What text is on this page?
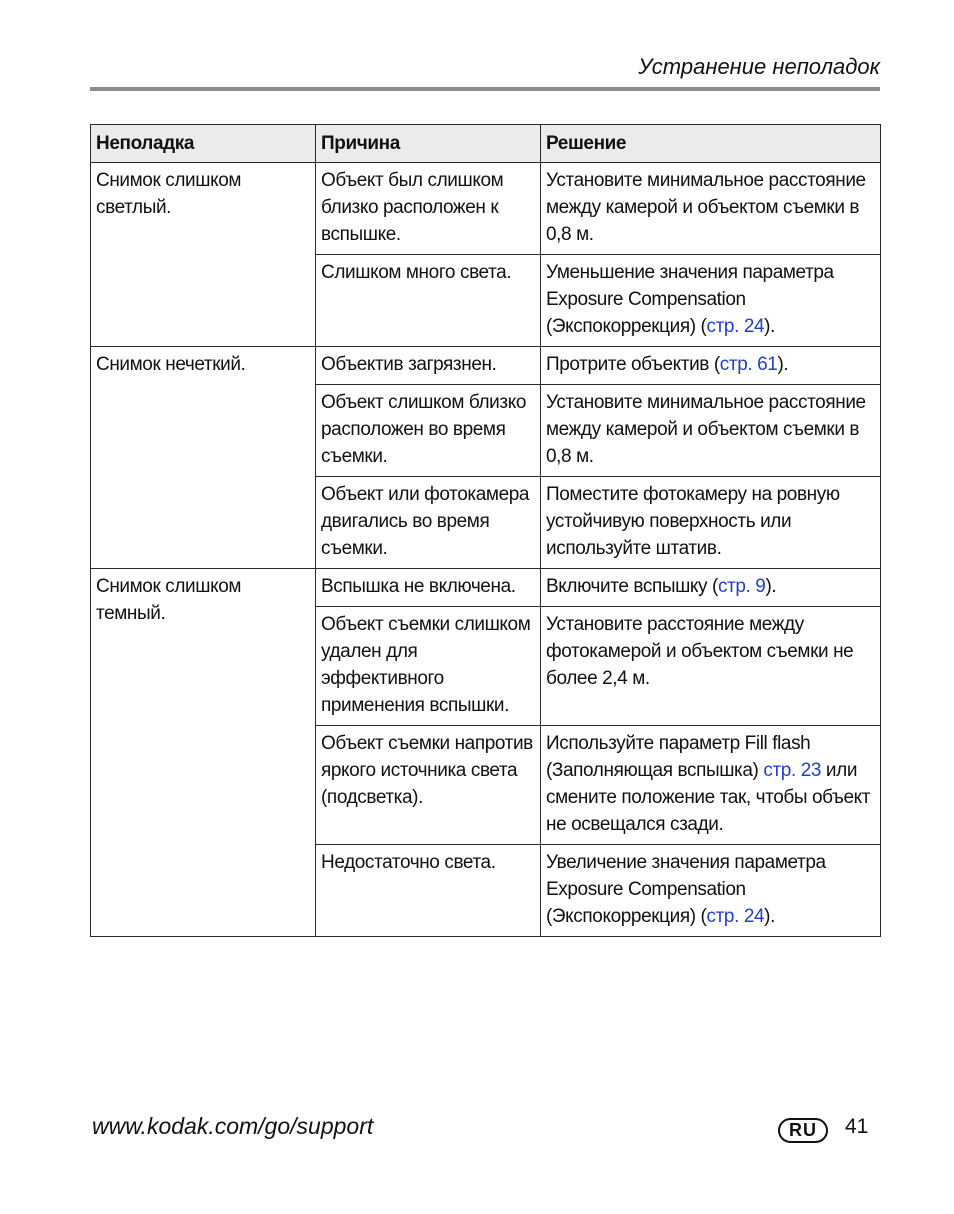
Устранение неполадок
Неполадка	Причина	Решение
Снимок слишком светлый.	Объект был слишком близко расположен к вспышке.	Установите минимальное расстояние между камерой и объектом съемки в 0,8 м.
	Слишком много света.	Уменьшение значения параметра Exposure Compensation (Экспокоррекция) (стр. 24).
Снимок нечеткий.	Объектив загрязнен.	Протрите объектив (стр. 61).
	Объект слишком близко расположен во время съемки.	Установите минимальное расстояние между камерой и объектом съемки в 0,8 м.
	Объект или фотокамера двигались во время съемки.	Поместите фотокамеру на ровную устойчивую поверхность или используйте штатив.
Снимок слишком темный.	Вспышка не включена.	Включите вспышку (стр. 9).
	Объект съемки слишком удален для эффективного применения вспышки.	Установите расстояние между фотокамерой и объектом съемки не более 2,4 м.
	Объект съемки напротив яркого источника света (подсветка).	Используйте параметр Fill flash (Заполняющая вспышка) стр. 23 или смените положение так, чтобы объект не освещался сзади.
	Недостаточно света.	Увеличение значения параметра Exposure Compensation (Экспокоррекция) (стр. 24).
www.kodak.com/go/support	RU	41
